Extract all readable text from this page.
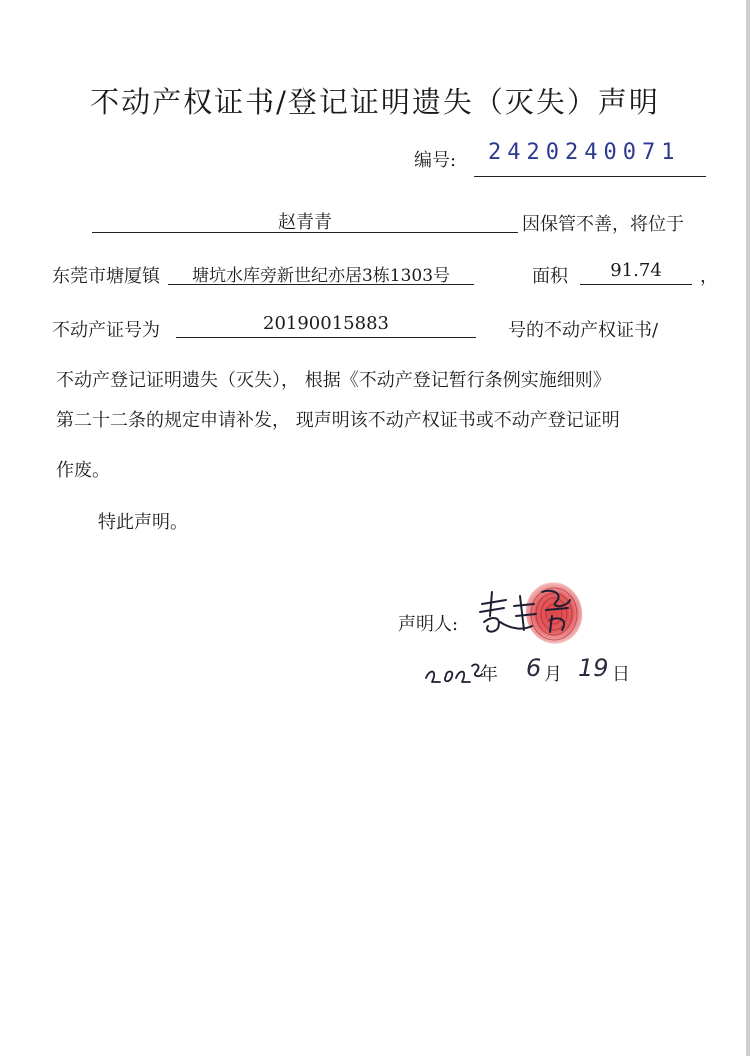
不动产权证书/登记证明遗失（灭失）声明
编号: 2420240071
赵青青	因保管不善，将位于
东莞市塘厦镇	塘坑水库旁新世纪亦居3栋1303号	面积	91.74	，
不动产证号为	20190015883	号的不动产权证书/
不动产登记证明遗失（灭失）， 根据《不动产登记暂行条例实施细则》
第二十二条的规定申请补发， 现声明该不动产权证书或不动产登记证明
作废。
特此声明。
声明人:
年 6 月 19 日
